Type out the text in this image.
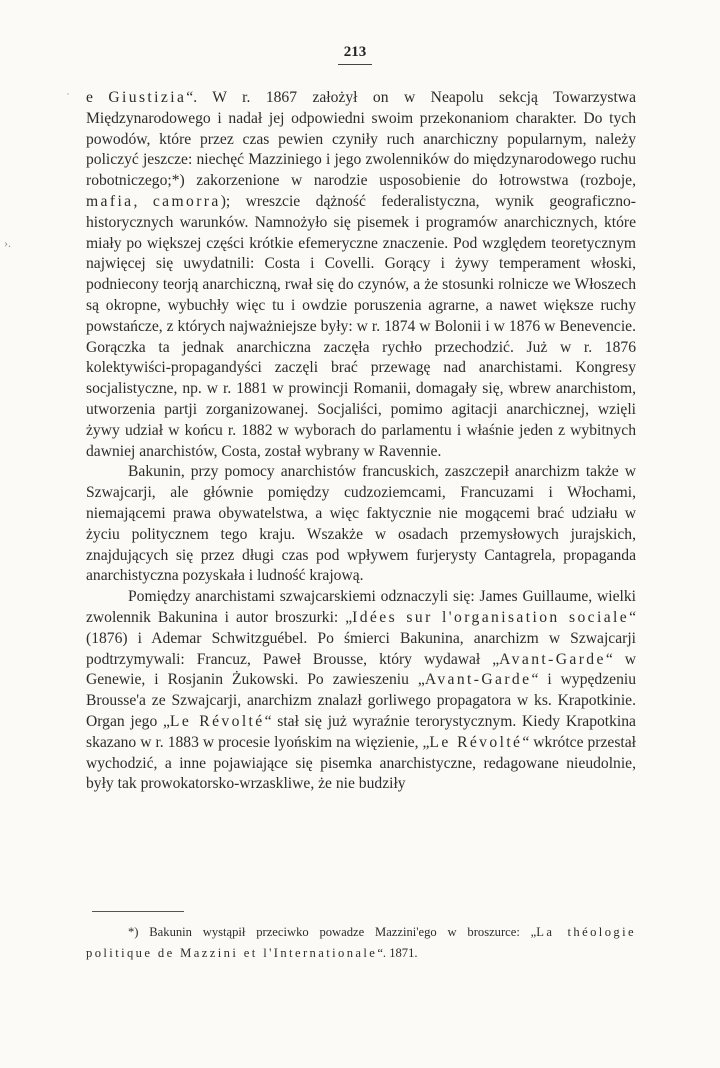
213
˙
›.

e Giustizia“. W r. 1867 założył on w Neapolu sekcją Towarzystwa Międzynarodowego i nadał jej odpowiedni swoim przekonaniom charakter. Do tych powodów, które przez czas pewien czyniły ruch anarchiczny popularnym, należy policzyć jeszcze: niechęć Mazziniego i jego zwolenników do międzynarodowego ruchu robotniczego;*) zakorzenione w narodzie usposobienie do łotrowstwa (rozboje, mafia, camorra); wreszcie dążność federalistyczna, wynik geograficzno-historycznych warunków. Namnożyło się pisemek i programów anarchicznych, które miały po większej części krótkie efemeryczne znaczenie. Pod względem teoretycznym najwięcej się uwydatnili: Costa i Covelli. Gorący i żywy temperament włoski, podniecony teorją anarchiczną, rwał się do czynów, a że stosunki rolnicze we Włoszech są okropne, wybuchły więc tu i owdzie poruszenia agrarne, a nawet większe ruchy powstańcze, z których najważniejsze były: w r. 1874 w Bolonii i w 1876 w Benevencie. Gorączka ta jednak anarchiczna zaczęła rychło przechodzić. Już w r. 1876 kolektywiści-propagandyści zaczęli brać przewagę nad anarchistami. Kongresy socjalistyczne, np. w r. 1881 w prowincji Romanii, domagały się, wbrew anarchistom, utworzenia partji zorganizowanej. Socjaliści, pomimo agitacji anarchicznej, wzięli żywy udział w końcu r. 1882 w wyborach do parlamentu i właśnie jeden z wybitnych dawniej anarchistów, Costa, został wybrany w Ravennie.

Bakunin, przy pomocy anarchistów francuskich, zaszczepił anarchizm także w Szwajcarji, ale głównie pomiędzy cudzoziemcami, Francuzami i Włochami, niemającemi prawa obywatelstwa, a więc faktycznie nie mogącemi brać udziału w życiu politycznem tego kraju. Wszakże w osadach przemysłowych jurajskich, znajdujących się przez długi czas pod wpływem furjerysty Cantagrela, propaganda anarchistyczna pozyskała i ludność krajową.

Pomiędzy anarchistami szwajcarskiemi odznaczyli się: James Guillaume, wielki zwolennik Bakunina i autor broszurki: „Idées sur l'organisation sociale“ (1876) i Ademar Schwitzguébel. Po śmierci Bakunina, anarchizm w Szwajcarji podtrzymywali: Francuz, Paweł Brousse, który wydawał „Avant-Garde“ w Genewie, i Rosjanin Żukowski. Po zawieszeniu „Avant-Garde“ i wypędzeniu Brousse'a ze Szwajcarji, anarchizm znalazł gorliwego propagatora w ks. Krapotkinie. Organ jego „Le Révolté“ stał się już wyraźnie terorystycznym. Kiedy Krapotkina skazano w r. 1883 w procesie lyońskim na więzienie, „Le Révolté“ wkrótce przestał wychodzić, a inne pojawiające się pisemka anarchistyczne, redagowane nieudolnie, były tak prowokatorsko-wrzaskliwe, że nie budziły

*) Bakunin wystąpił przeciwko powadze Mazzini'ego w broszurce: „La théologie politique de Mazzini et l'Internationale“. 1871.
